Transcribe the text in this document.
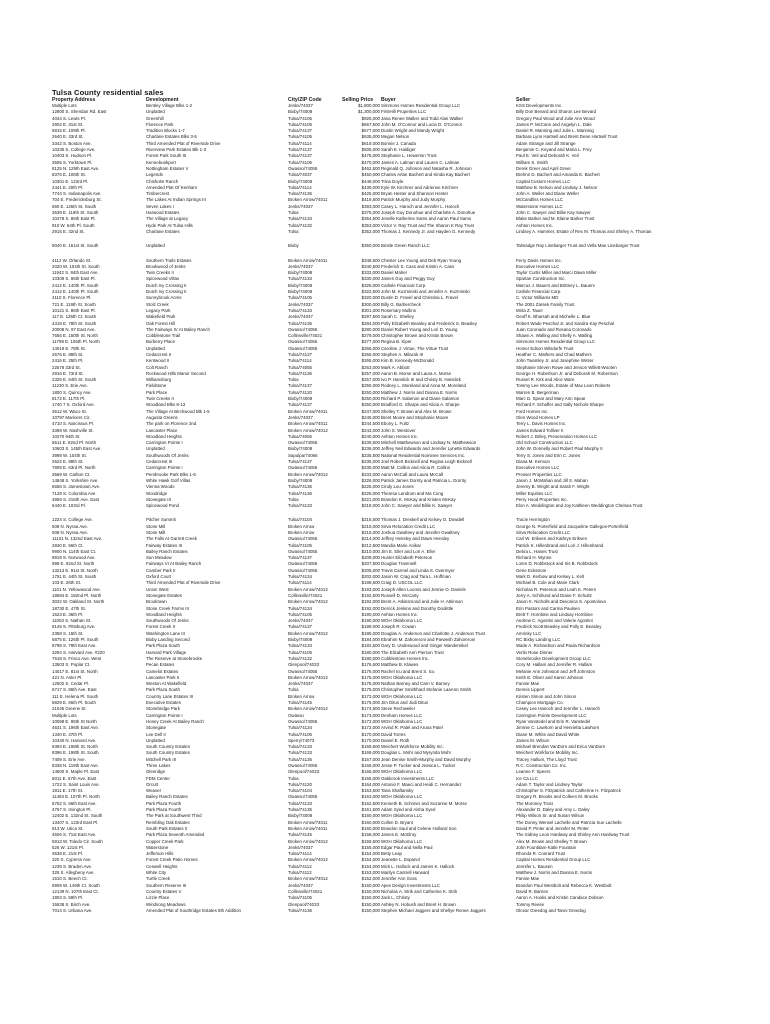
Tulsa County residential sales
Property Address	Development	City/ZIP Code	Selling Price Buyer	Seller
Multiple Lots	Bentley Village Blks 1-2	Jenks/74037	$1,800,000 Simmons Homes Residential Group LLC	KSS Developments Inc.
12800 S. Sheridan Rd. East	Unplatted	Bixby/74008	$1,300,000 FirstHill Properties LLC	Billy Don Bevard and Sharon Lee Bevard
4044 S. Lewis Pl.	Greenhill	Tulsa/74105	$925,000 Jana Renee Walker and Todd Alan Walker	Gregory Paul Wood and Julie Ann Wood
2902 E. 31st St.	Florence Park	Tulsa/74105	$667,500 John M. O'Connor and Lucia D. O'Connor	James P. McCann and Angelyn L. Dale
5815 E. 109th Pl.	Tradition Blocks 1-7	Tulsa/74137	$677,000 Dustin Wright and Mandy Wright	Daniel R. Manning and Julie L. Manning
2640 E. 33rd St.	Charlane Estates Blks 3-5	Tulsa/74105	$635,000 Megan Nelson	Barbara Lynn Hartsell and Brent Dean Hartsell Trust
3342 S. Boston Ave.	Third Amended Plat of Riverside Drive	Tulsa/74114	$618,000 Bonnie J. Canada	Adam Strange and Jill Strange
10335 S. College Ave.	Riverview Park Estates Blk 1-3	Tulsa/74137	$505,000 Sarah E. Haldiger	Benjamin C. Keyand and Maria L. Frey
10403 S. Hudson Pl.	Forest Park South III	Tulsa/74137	$475,000 Stephanie L. Howerton Trust	Paul E. Veil and Deborah K. Veil
3505 S. Yorktown Pl.	Kennebunkport	Tulsa/74105	$470,000 James A. Lalman and Lauren C. Lalman	William S. Smith
8125 N. 129th East Ave.	Nottingham Estates V	Owasso/74055	$462,500 Reginald Q. Johnson and Natasha R. Johnson	Derek Greer and April Greer
8376 E. 106th St.	Legends	Tulsa/74037	$450,000 Charles Arlan Bachert and Kinda Kay Bachert	Brehnn D. Bachert and Amanda E. Bachert
10301 E. 123rd Pl.	Chisholm Ranch	Bixby/74008	$449,000 Trina Doyle	Capital Custom Homes LLC
2441 E. 20th Pl.	Amended Plat Of Kenham	Tulsa/74114	$439,000 Kyle W. Kirchner and Adrienne Kirchner	Matthew B. Nelson and Lindsay J. Nelson
7744 S. Indianapolis Ave.	Timbercrest	Tulsa/74136	$425,000 Bryan Hester and Shannon Hester	John A. Weller and Diane Weller
704 E. Fredericksburg St.	The Lakes At Indian Springs III	Broken Arrow/74011	$416,500 Patrick Murphy and Judy Murphy	McCandliss Homes LLC
660 E. 126th St. South	Seven Lakes I	Jenks/74037	$393,000 Casey L. Haroch and Jennifer L. Haroch	Waterstone Homes LLC
3639 E. 119th St. South	Harwood Estates	Tulsa	$375,000 Joseph Guy Donohue and Charlotte A. Donohue	John C. Sawyer and Billie Kay Sawyer
10478 S. 86th East Pl.	The Village at Legacy	Tulsa/74133	$354,500 Jenelle Katherine Sams and Aaron Paul Sams	Blake Barker and M. Elaine Barker Trust
910 W. 64th Pl. South	Hyde Park At Tulsa Hills	Tulsa/74132	$353,000 Victor V. Ray Trust and The Sharon K Ray Trust	Ashton Homes Inc.
2915 E. 32nd St.	Charlane Estates	Tulsa	$352,000 Thomas J. Kennedy Jr. and Hayden G. Kennedy	Lindsey A. Hammer, Estate of Rex M. Thomas and Shirley A. Thomas
9040 E. 161st St. South	Unplatted	Bixby	$350,000 Bristle Green Ranch LLC	Talmadge Ray Linebarger Trust and Vella Mae Linebarger Trust
4112 W. Orlando St.	Southern Trails Estates	Broken Arrow/74011	$348,500 Chester Lee Young and Deb Ryan Young	Ferry Davis Homes Inc.
2020 W. 104th St. South	Brookwood of Jenks	Jenks/74037	$340,500 Frederick S. Cass and Kristin A. Cass	Executive Homes LLC
11942 S. 84th East Ave.	Twin Creeks II	Bixby/74008	$332,000 Daniel Maher	Taylor Curtis Miller and Marci Dawn Miller
10309 S. 86th East Pl.	Spicewood Villas	Tulsa/74133	$330,000 James Guy and Peggy Guy	Spartan Construction Inc.
2412 E. 140th Pl. South	Dutch Ivy Crossing II	Bixby/74008	$325,000 Carlisle Financial Corp.	Marcus J. Bauers and Brittney L. Bauers
2412 E. 140th Pl. South	Dutch Ivy Crossing II	Bixby/74008	$322,500 John M. Kuzminski and Jennifer A. Kuzminski	Carlisle Financial Corp.
4110 S. Florence Pl.	Sunnybrook Acres	Tulsa/74105	$320,000 Dustin D. Fravel and Christina L. Fravel	C. Victor Williams MD
721 E. 119th St. South	Stolz Creek	Jenks/74037	$300,000 Billy G. Barbercheck	The 2001 Zarsek Family Trust
10121 S. 86th East Pl.	Legacy Park	Tulsa/74133	$301,000 Rosemary Mullins	Mirta Z. Tauer
117 E. 125th Ct. South	Wakefield Park	Jenks/74037	$297,500 Sarah C. Shelley	Geoff K. Bharsah and Michelle L. Blue
4318 E. 78th St. South	Oak Forest Hill	Tulsa/74136	$284,000 Polly Elizabeth Beasley and Frederick S. Beasley	Robert Wade Peschal Jr. and Sandra Kay Peschal
20008 N. 97 East Ave.	The Fairways IV At Bailey Ranch	Owasso/74055	$280,000 Daniel Robert Young and Lori D. Young	Juan Coronado and Rosana Coronado
7555 E. 150th St. North	Cobblestone Trail	Collinsville/74021	$278,000 Christopher Brown and Kristin Brown	Shawn A. Walling and Shelly A. Walling
11799 E. 106th Pl. North	Burberry Place	Owasso/74055	$277,000 Regina B. Kiper	Simmons Homes Residential Group LLC
14019 E. 78th St.	Unplatted	Owasso/74055	$266,000 Caroline J. Virtue, The Virtue Trust	Homer Edson Wilsdorfe Trust
2676 E. 88th St.	Cedarcrest II	Tulsa/74137	$266,000 Stephen A. Milacsk III	Heather C. Mathers and Chad Mathers
2416 E. 25th Pl.	Kentwood II	Tulsa/74114	$265,000 Kim B. Kennedy-McDonald	John Twamley Jr. and Josephine Winter
22578 33rd St.	Colt Ranch	Tulsa/74055	$263,000 Mark A. Abbott	Stephanie Steven Rowe and Jenson Willett-Wooten
2916 E. 73rd St.	Rockwood Hills Manor Second	Tulsa/74136	$257,000 Aaron B. Morse and Laura A. Morse	George H. Robertson Jr. and Deborah M. Robertson
2325 E. 64th St. South	Williamsburg	Tulsa	$257,000 Ivo P. Hanslick III and Christy B. Hanslick	Russel R. Kirk and Alice Ware
11230 S. Erie Ave.	Fieldstone	Tulsa/74137	$255,000 Rodney L. Moreland and Anna M. Moreland	Tommy Lee Woods, Estate of Max Leon Roberts
1800 S. Quincy Ave.	Park Place	Tulsa/74120	$250,000 Matthew J. Norris and Dianna E. Norris	Warren B. Bergerman
8172 E. 117th Pl.	Twin Creeks II	Bixby/74008	$250,000 Richard P. Salamon and Diane Salamon	Marc D. Spear and Mary Ann Spear
1740 7 S. Oxford Ave.	Woodland Blks 8-13	Tulsa/74137	$250,000 Bradford G. Sharpe and Alicia A. Sharpe	Richard F. Schaffer and Sally Nichols-Sharpe
3612 W. Waco St.	The Village At Birchwood Blk 1-5	Broken Arrow/74011	$247,000 Shelley T. Brown and Alex M. Brown	Ford Homes Inc.
10797 Mariners Cir.	Augusta Greens	Jenks/74037	$245,000 Brent Moore and Stephanie Moore	Glen Wood Homes LP
4710 S. Narcissus Pl.	The park on Florence 2nd	Broken Arrow/74011	$244,500 Ebony L. Fultz	Terry L. Davis Homes Inc.
3369 W. Nashville St.	Lancaster Place	Broken Arrow/74012	$243,000 John S. Westover	James Edward Tolliver II
10270 94th St.	Woodland Heights	Tulsa/74055	$240,000 Ashton Homes Inc.	Robert J. Briley, Preservation Homes LLC
5611 E. 82nd Pl. North	Carrington Pointe I	Owasso/74055	$239,500 Mitchell Matthewson and Lindsay N. Matthewson	Old School Construction LLC
10603 S. 145th East Ave.	Unplatted	Bixby/74008	$236,000 Jeffrey Neil Edwards and Jennifer Lynette Edwards	John W. Donnelly and Robert Paul Murphy II
3998 W. 104th St.	Southwoods Of Jenks	Sapulpa/74066	$235,500 National Residential Nominee Services Inc.	Terry S. Jones and Erin C. Jones
2622 E. 88th St.	Cedarcrest III	Tulsa/74137	$235,000 Joel Robert Bicknell and Regina Leigh Bicknell	Diana M. Kennon
7809 E. 63rd Pl. North	Carrington Pointe I	Owasso/74055	$235,000 Matt M. Collins and Alicia R. Collins	Executive Homes LLC
3669 W. Carlton Ct.	Pembrooke Park Blks 1-6	Broken Arrow/74012	$233,000 Aaron McCall and Laura McCall	Prosser Properties LLC
14848 S. Yorkshire Ave.	White Hawk Golf Villas	Bixby/74008	$226,000 Patrick James Dorrity and Patricia L. Dorrity	Jason J. McMahan and Jill S. Mahan
6656 S. Jamestown Ave.	Vienna Woods	Tulsa/74136	$225,000 Cindy Lou Jones	Jeremy B. Wright and Sarah F. Wright
7128 S. Columbia Ave.	Woodridge	Tulsa/74136	$225,000 Theresa Landrum and Ma Cong	Miller Equities LLC
4959 S. 216th Ave. East	Stonegate III	Tulsa	$221,000 Brandon K. McKay and Kristen McKay	Perry Hood Properties Inc.
6440 E. 103rd Pl.	Spicewood Pond	Tulsa/74133	$218,000 John C. Sawyer and Billie K. Sawyer	Elon A. Weddington and Joy Kathleen Weddington Chelsea Trust
1224 S. College Ave.	Pitcher Summit	Tulsa/74104	$215,500 Thomas J. Dreskell and Kelsey O. Dowdell	Tracie Herrington
508 N. Nyssa Ave.	Stone Mill	Broken Arrow	$215,000 Sirva Relocation Credit LLC	George N. Porterfield and Jacqueline Gallegos-Porterfield
508 N. Nyssa Ave.	Stone Mill	Broken Arrow	$215,000 Joshua Gwaltney and Jennifer Gwaltney	Sirva Relocation Credit LLC
11131 N. 132nd East Ave.	The Falls At Garrett Creek	Owasso/74055	$214,000 Jeffrey Hensley and Dawn Hensley	Carl W. Eriksen and Kathryn Eriksen
2840 E. 56th Ct.	Fairway Estates III	Tulsa/74105	$212,500 Mandia Marie Anikar	Patrick K. Hillenbrand and Lori J. Hillenbrand
9900 N. 114th East Ct.	Bailey Ranch Estates	Owasso/74055	$210,000 Jim E. Eller and Lori A. Eller	Debra L. Hanes Trust
8919 S. Norwood Ave.	Sun Meadow	Tulsa/74137	$209,000 Hunter Elizabeth Peterson	Richard H. Wynne
998 E. 92nd St. North	Fairways VI At Bailey Ranch	Owasso/74055	$207,500 Douglas Trammell	Loren D. Robbstock and Iris B. Robbstock
13213 E. 91st St. North	Camber Park II	Owasso/74055	$205,000 Travis Carmel and Linda S. Overmyer	Gene Eckstrom
1751 E. 44th St. South	Oxford Court	Tulsa/74134	$202,000 Jason W. Crag and Tara L. Hoffman	Mark D. Kerbow and Kelsey L. Kelt
103 E. 26th St.	Third Amended Plat of Riverside Drive	Tulsa/74114	$198,500 Craig D. USCOL LLC	Michael B. Cole and Marie Clark
1101 N. Yellowwood Ave.	Union West	Broken Arrow/74012	$193,000 Joseph Allen Loomis and Jennie O. Daniels	Nicholas R. Peterson and Leah K. Peters
18694 E. 182nd Pl. North	Stonegate Estates	Collinsville/74021	$192,500 Russell D. McCarty	Jerry A. Schilrund and Diane F. Schultz
3032 W. Oakland St. North	Brooktown	Broken Arrow/74012	$192,000 Brent A. Atkinsmond and Julie H. Atkinson	Jason K. Nicholls and Devonica S. Apostolova
18730 E. 47th St.	Stone Creek Farms III	Tulsa/74134	$192,000 Derrick Jenkins and Dorothy Doolittle	Erin Pastors and Carma Paulsen
1523 E. 36th Pl.	Woodland Heights	Tulsa/74105	$190,000 Ashton Homes Inc.	Brett T. Hornbine and Lindsay Hornbine
11003 S. Nathan St.	Southwoods Of Jenks	Jenks/74037	$190,000 WGH Oklahoma LLC	Andrew C. Agostini and Valerie Agostini
8145 S. Pittsburg Ave.	Forest Creek II	Tulsa/74137	$189,000 Joseph R. Cowan	Fredrick Scott Beasley and Polly E. Beasley
2358 S. 15th St.	Washington Lane III	Broken Arrow/74012	$185,000 Douglas A. Anderson and Charlotte J. Anderson Trust	Amrinky LLC
6875 E. 126th Pl. South	Bixby Landing Second	Bixby/74008	$184,000 Ebrahim M. Zahoreroni and Parwesh Zahoreroni	RC Bixby Landing LLC
8798 S. 78th East Ave.	Park Plaza South	Tulsa/74133	$182,500 Gary D. Underwood and Ginger Mandernikel	Wade A. Richardson and Paula Richardson
3294 S. Harvard Ave. #220	Harvard Park Village	Tulsa/74105	$180,000 The Elizabeth Ann Pierson Trust	Verlin Rose Dinner
7618 S. Frisco Ave. West	The Reserve at Stonebrooke	Tulsa/74132	$180,000 Cobblestone Homes Inc.	Stonebrooke Development Group LLC
13503 S. Poplar Ct.	Pecan Estates	Glenpool/74033	$176,500 Matthew B. Klawes	Cory M. Hallam and Jennifer R. Hallam
14017 E. 81st St. North	Camelot Estates	Owasso/74055	$176,000 Rachel Icu and Brent S. Icu	Melanie Ann Johnston and Jeff Johnston
421 N. Aster Pl.	Lancaster Park II	Broken Arrow/74012	$175,000 WGH Oklahoma LLC	Keith E. Oliver and Karen Johnson
12502 S. Cedar Pl.	Weston At Wakefield	Jenks/74037	$175,000 Nathan Barney and Carri V. Barney	Fannie Mae
6717 S. 86th Ave. East	Park Plaza South	Tulsa	$175,000 Christopher Smithhard Stefanie LaaAnn Smith	Dennis Lippert
111 E. Helena Pl. South	Country Lane Estates III	Broken Arrow	$173,000 WGH Oklahoma LLC	Kristen Simon and John Simon
6829 E. 66th Pl. South	Executive Estates	Tulsa/74145	$175,000 Jim Ditus and Judi Ditus	Champion Mortgage Co.
21045 Greene St.	Stonebridge Park	Broken Arrow/74012	$174,600 Steve Rechweiler	Casey Lee Hanoch and Jennifer L. Hanoch
Multiple Lots	Carrington Pointe I	Owasso	$173,000 Denham Homes LLC	Carrington Pointe Development LLC
10099 E. 96th St North	Honey Creek At Bailey Ranch	Owasso/74055	$172,000 WGH Oklahoma LLC	Ryan Vanstedel and Erin R. Vanstedel
4631 S. 196th East Ave.	Stonegate	Tulsa/74134	$172,000 Arvind R. Patel and Aruna Patel	Jimmie C. Lawhorn and Henrietta Lawhorn
1340 E. 37th Pl.	Lee Dell II	Tulsa/74105	$170,000 David Torres	Diane M. White and David White
10340 N. Harvard Ave.	Unplatted	Sperry/74073	$170,000 Daniel E. Roth	James M. Wilson
8394 E. 198th St. North	South Country Estates	Tulsa/74133	$169,500 Weichert Workforce Mobility Inc.	Michael Brendan VanDorn and Erica VanDorn
8396 E. 198th St. South	South Country Estates	Tulsa/74133	$169,000 Douglas L. Mohr and Myrynda Mohr	Weichert Workforce Mobility Inc.
7409 S. Erie Ave.	Mitchell Park III	Tulsa/74136	$167,000 Jean Denise Smith-Murphy and David Murphy	Tracey Hallum, The Lloyd Trust
8338 N. 119th East Ave.	Three Lakes	Owasso/74055	$166,000 Jesse P. Tucker and Jessica L. Tucker	R.C. Construction Co. Inc.
14600 S. Maple Pl. East	Glenridge	Glenpool/74033	$165,000 WGH Oklahoma LLC	Leanne F. Speers
5011 E. 67th Ave. East	FDM Center	Tulsa	$165,000 Oakbrook Investments LLC	Ice Ca LLC
1722 S. Saint Louis Ave.	Orcutt	Tulsa/74120	$164,000 Antonio F. Maeci and Heidi C. Hernandez	Adam T. Taylor and Lindsey Taylor
1811 E. 17th St.	Weaver	Tulsa/74104	$163,500 Tana Shaftansky	Christopher S. Fitzpatrick and Catherine H. Fitzpatrick
11493 E. 107th Pl. North	Bailey Ranch Estates	Owasso/74055	$163,000 WGH Oklahoma LLC	Gregory R. Brooks and Colleen M. Brooks
6752 S. 66th East Ave.	Park Plaza Fourth	Tulsa/74133	$162,500 Kenneth B. Schriner and Suzanne M. Morse	The Moroney Trust
4767 S. Irvington Pl.	Park Plaza Fourth	Tulsa/74135	$161,500 Adam Syed and Aisha Syed	Alexander D. Daley and Amy L. Daley
12402 E. 132nd St. South	The Park at Southwest Third	Bixby/74008	$160,000 WGH Oklahoma LLC	Philip Wilson Sr. and Susan Wilson
13407 S. 123rd East Pl.	Rembling Oak Estates	Broken Arrow/74011	$160,000 Collen D. Bryant	The Donny Wensel Lachelle and Patricia Sue Lachelle
613 W. Utica St.	South Park Estates II	Broken Arrow/74011	$160,000 Brandon Saul and Celene Holland Son	David P. Pinter and Jennifer M. Pinter
4606 S. 71st East Ave.	Park Plaza Seventh Amended	Tulsa/74145	$158,000 James E. McElroy	The Sidney Leon Hardway and Shirley Ann Hardway Trust
5913 W. Toledo Cir. South	Copper Creek Park	Broken Arrow/74012	$159,500 WGH Oklahoma LLC	Alex M. Brown and Shelley T. Brown
526 W. 121st Pl.	Waterstone	Jenks/74037	$155,000 Edgar Paul and Nella Paul	John Fountitare Katle Fountain
3538 E. 21st Pl.	Jefferson Hills	Tulsa/74114	$154,000 Betty Leap	Rhonda R. Conrard Trust
320 S. Cypress Ave.	Forest Creek Patio Homes	Broken Arrow/74012	$154,000 Jeanette L. Espanol	Capital Homes Residential Group LLC
1239 S. Braden Ave.	Ceswell Heights	Tulsa/74112	$154,000 Mick L. Hallock and James K. Hallock	Jennifer L. Bausen
325 S. Allegheny Ave.	White City	Tulsa/74112	$153,000 Marilyn Cantrell Harward	Matthew J. Norris and Dianna E. Norris
1510 S. Beech Ct.	Turtle Creek	Broken Arrow/74012	$152,000 Jennifer Ann Goss	Fannie Mae
5909 W. 149th Ct. South	Southern Reserve III	Jenks/74037	$150,000 Apex Design Investments LLC	Brandon Paul Westbolt and Rebecca K. Westbolt
12139 N. 107th East Ct.	Country Estates V	Collinsville/74021	$150,000 Nicholas A. Strik and Catherine K. Strik	David R. Barnes
1903 S. 59th Pl.	Lizzie Place	Tulsa/74105	$150,000 Jack L. Christy	Aaron A. Hooks and Kristin Candace Dobson
15638 S. Birch Ave.	Windsong Meadows	Glenpool/74033	$150,000 Ashley N. Hobush and Brent H. Brown	Tommy Reese
7014 S. Urbana Ave.	Amended Plat of Southridge Estates 5th Addition	Tulsa/74136	$150,000 Stephen Michael Jaggers and Shellye Renee Jaggers	Olcear Greedog and Tanni Greedog
